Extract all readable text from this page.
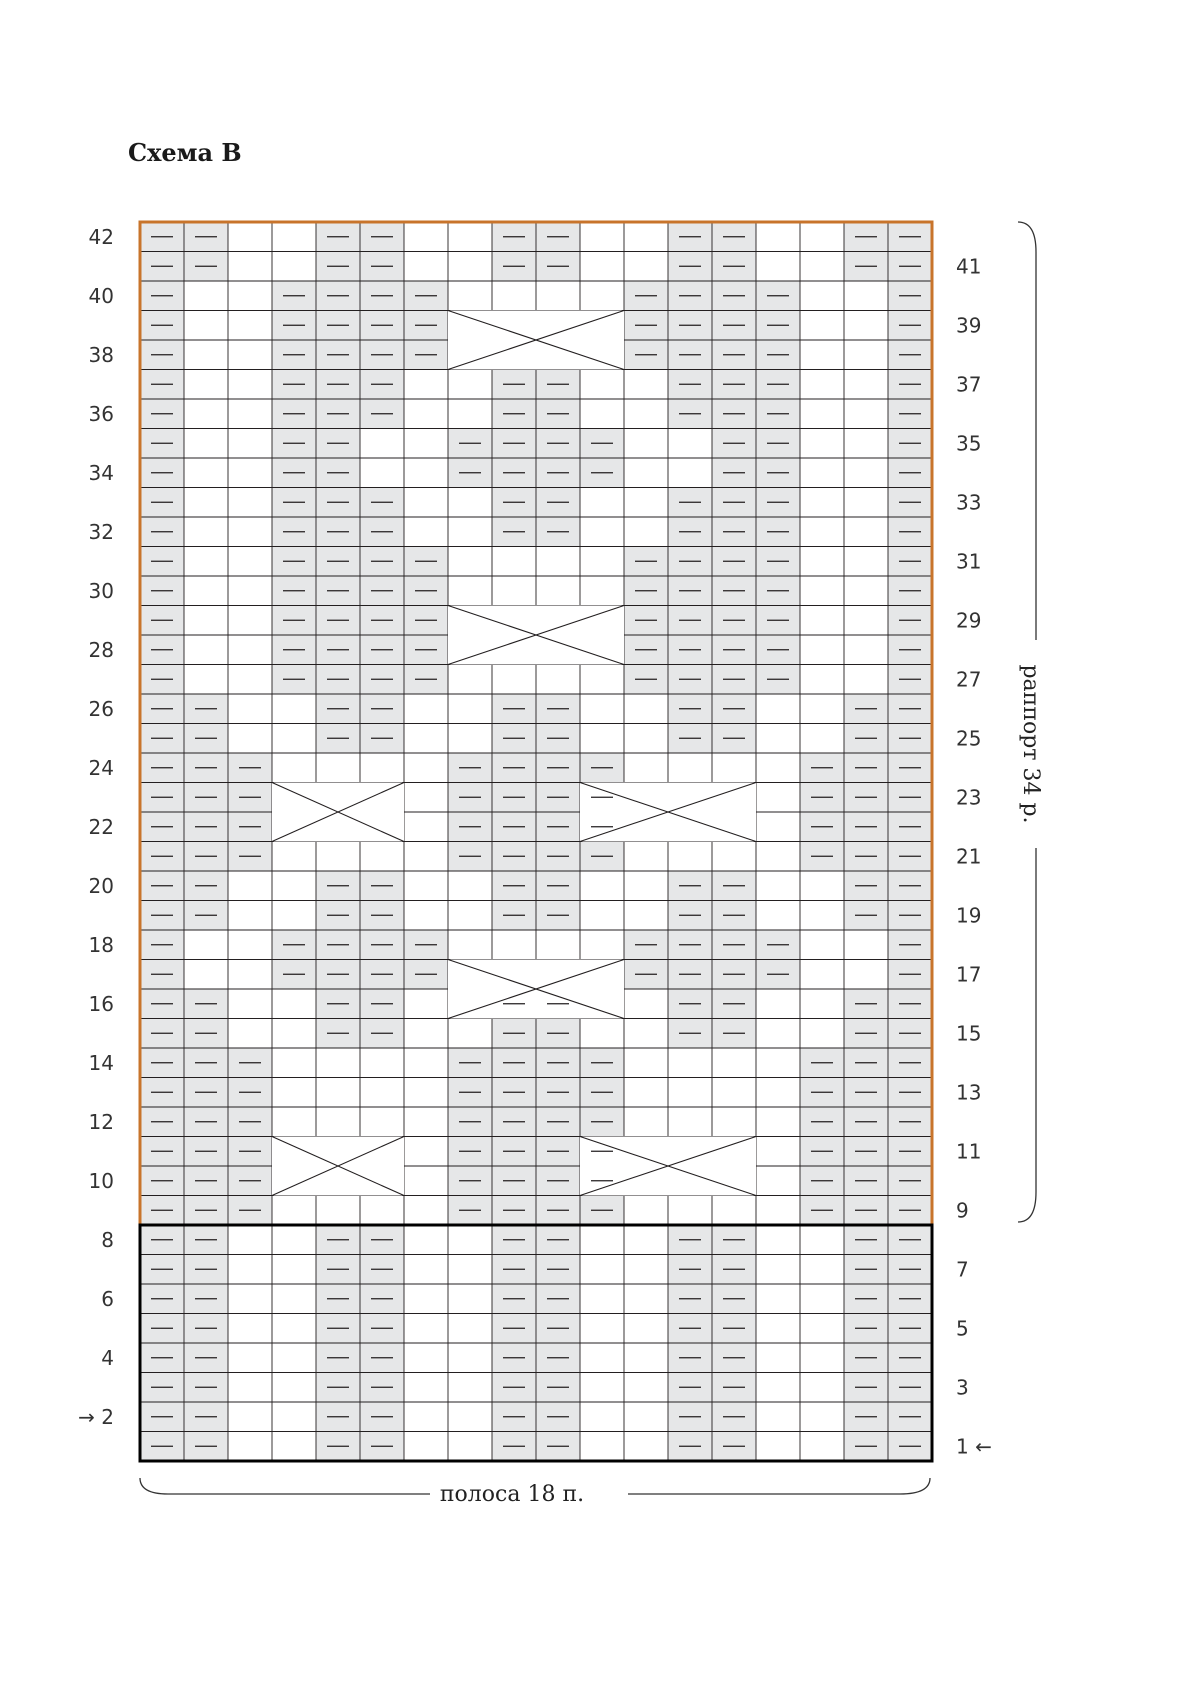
Схема В
42
40
38
36
34
32
30
28
26
24
22
20
18
16
14
12
10
8
6
4
→ 2
41
39
37
35
33
31
29
27
25
23
21
19
17
15
13
11
9
7
5
3
1 ←
полоса 18 п.
раппорт 34 р.
